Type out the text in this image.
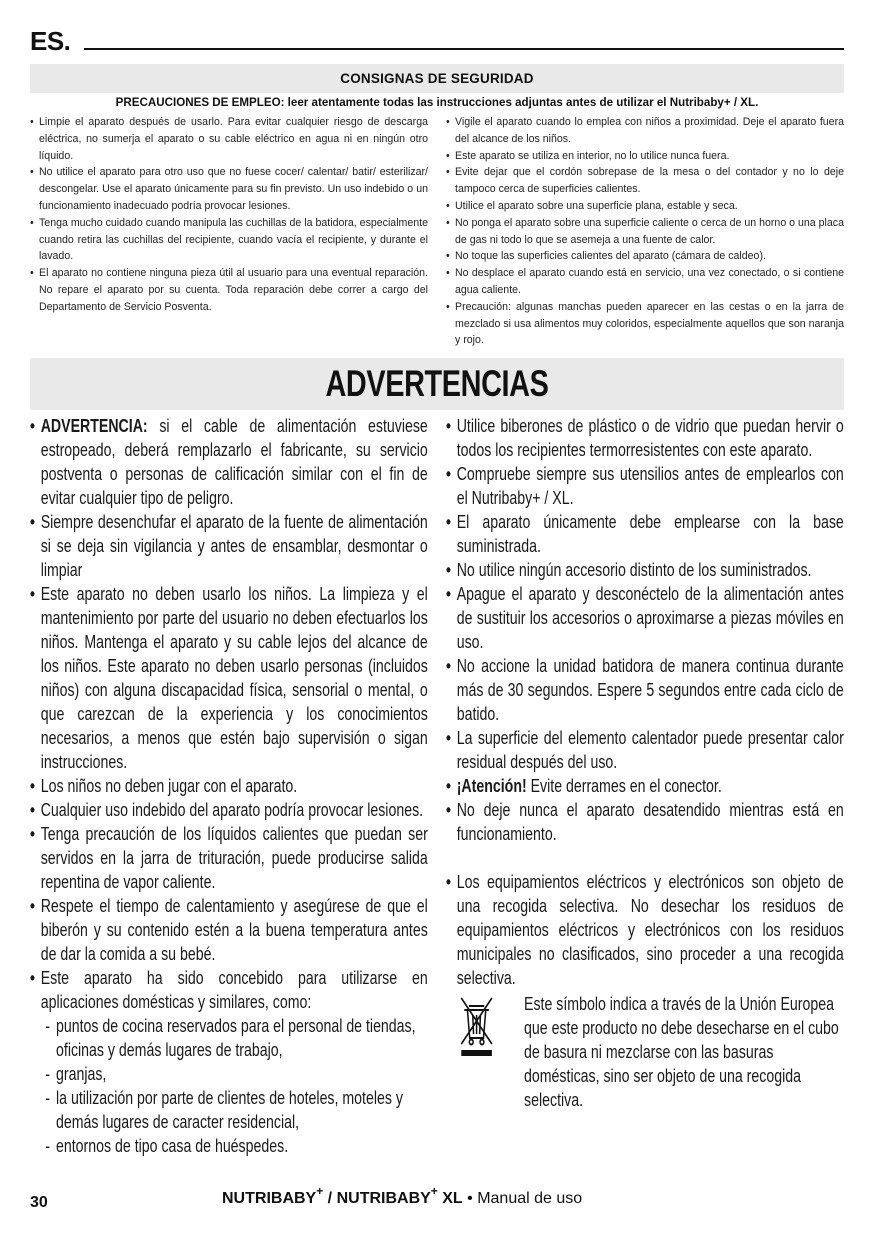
ES.
CONSIGNAS DE SEGURIDAD
PRECAUCIONES DE EMPLEO: leer atentamente todas las instrucciones adjuntas antes de utilizar el Nutribaby+ / XL.
• Limpie el aparato después de usarlo. Para evitar cualquier riesgo de descarga eléctrica, no sumerja el aparato o su cable eléctrico en agua ni en ningún otro líquido.
• No utilice el aparato para otro uso que no fuese cocer/ calentar/ batir/ esterilizar/ descongelar. Use el aparato únicamente para su fin previsto. Un uso indebido o un funcionamiento inadecuado podría provocar lesiones.
• Tenga mucho cuidado cuando manipula las cuchillas de la batidora, especialmente cuando retira las cuchillas del recipiente, cuando vacía el recipiente, y durante el lavado.
• El aparato no contiene ninguna pieza útil al usuario para una eventual reparación. No repare el aparato por su cuenta. Toda reparación debe correr a cargo del Departamento de Servicio Posventa.
• Vigile el aparato cuando lo emplea con niños a proximidad. Deje el aparato fuera del alcance de los niños.
• Este aparato se utiliza en interior, no lo utilice nunca fuera.
• Evite dejar que el cordón sobrepase de la mesa o del contador y no lo deje tampoco cerca de superficies calientes.
• Utilice el aparato sobre una superficie plana, estable y seca.
• No ponga el aparato sobre una superficie caliente o cerca de un horno o una placa de gas ni todo lo que se asemeja a una fuente de calor.
• No toque las superficies calientes del aparato (cámara de caldeo).
• No desplace el aparato cuando está en servicio, una vez conectado, o si contiene agua caliente.
• Precaución: algunas manchas pueden aparecer en las cestas o en la jarra de mezclado si usa alimentos muy coloridos, especialmente aquellos que son naranja y rojo.
ADVERTENCIAS
• ADVERTENCIA: si el cable de alimentación estuviese estropeado, deberá remplazarlo el fabricante, su servicio postventa o personas de calificación similar con el fin de evitar cualquier tipo de peligro.
• Siempre desenchufar el aparato de la fuente de alimentación si se deja sin vigilancia y antes de ensamblar, desmontar o limpiar
• Este aparato no deben usarlo los niños. La limpieza y el mantenimiento por parte del usuario no deben efectuarlos los niños. Mantenga el aparato y su cable lejos del alcance de los niños. Este aparato no deben usarlo personas (incluidos niños) con alguna discapacidad física, sensorial o mental, o que carezcan de la experiencia y los conocimientos necesarios, a menos que estén bajo supervisión o sigan instrucciones.
• Los niños no deben jugar con el aparato.
• Cualquier uso indebido del aparato podría provocar lesiones.
• Tenga precaución de los líquidos calientes que puedan ser servidos en la jarra de trituración, puede producirse salida repentina de vapor caliente.
• Respete el tiempo de calentamiento y asegúrese de que el biberón y su contenido estén a la buena temperatura antes de dar la comida a su bebé.
• Este aparato ha sido concebido para utilizarse en aplicaciones domésticas y similares, como:
- puntos de cocina reservados para el personal de tiendas, oficinas y demás lugares de trabajo,
- granjas,
- la utilización por parte de clientes de hoteles, moteles y demás lugares de caracter residencial,
- entornos de tipo casa de huéspedes.
• Utilice biberones de plástico o de vidrio que puedan hervir o todos los recipientes termorresistentes con este aparato.
• Compruebe siempre sus utensilios antes de emplearlos con el Nutribaby+ / XL.
• El aparato únicamente debe emplearse con la base suministrada.
• No utilice ningún accesorio distinto de los suministrados.
• Apague el aparato y desconéctelo de la alimentación antes de sustituir los accesorios o aproximarse a piezas móviles en uso.
• No accione la unidad batidora de manera continua durante más de 30 segundos. Espere 5 segundos entre cada ciclo de batido.
• La superficie del elemento calentador puede presentar calor residual después del uso.
• ¡Atención! Evite derrames en el conector.
• No deje nunca el aparato desatendido mientras está en funcionamiento.
• Los equipamientos eléctricos y electrónicos son objeto de una recogida selectiva. No desechar los residuos de equipamientos eléctricos y electrónicos con los residuos municipales no clasificados, sino proceder a una recogida selectiva.
Este símbolo indica a través de la Unión Europea que este producto no debe desecharse en el cubo de basura ni mezclarse con las basuras domésticas, sino ser objeto de una recogida selectiva.
30	NUTRIBABY+ / NUTRIBABY+ XL • Manual de uso
